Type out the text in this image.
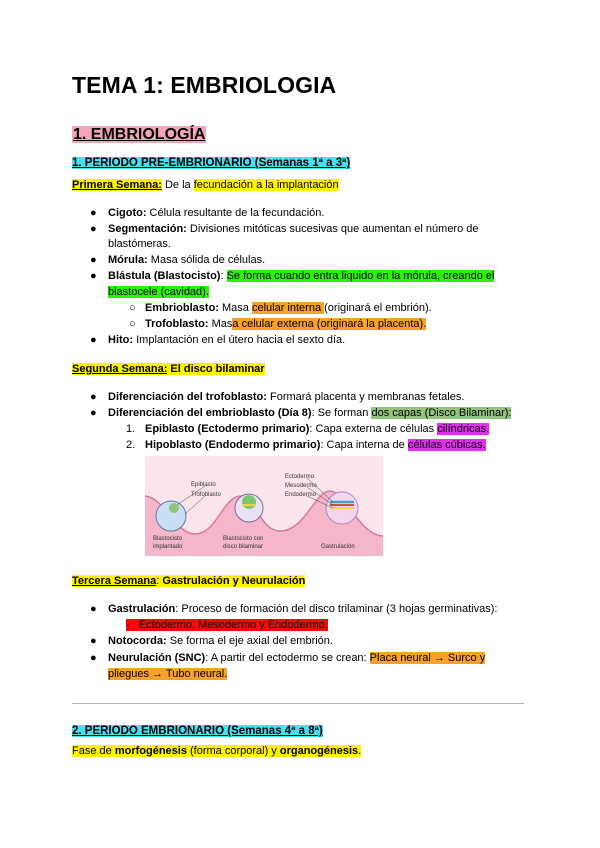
TEMA 1: EMBRIOLOGIA
1. EMBRIOLOGÍA
1. PERIODO PRE-EMBRIONARIO (Semanas 1ª a 3ª)
Primera Semana: De la fecundación a la implantación
● Cigoto: Célula resultante de la fecundación.
● Segmentación: Divisiones mitóticas sucesivas que aumentan el número de
blastómeras.
● Mórula: Masa sólida de células.
● Blástula (Blastocisto): Se forma cuando entra liquido en la mórula, creando el
blastocele (cavidad).
○ Embrioblasto: Masa celular interna (originará el embrión).
○ Trofoblasto: Masa celular externa (originará la placenta).
● Hito: Implantación en el útero hacia el sexto día.
Segunda Semana: El disco bilaminar
● Diferenciación del trofoblasto: Formará placenta y membranas fetales.
● Diferenciación del embrioblasto (Día 8): Se forman dos capas (Disco Bilaminar):
1. Epiblasto (Ectodermo primario): Capa externa de células cilíndricas.
2. Hipoblasto (Endodermo primario): Capa interna de células cúbicas.
Epiblasto
Trofoblasto
Ectodermo
Mesodermo
Endodermo
Blastocisto
implantado
Blastocisto con
disco bilaminar	Gastrulación
Tercera Semana: Gastrulación y Neurulación
● Gastrulación: Proceso de formación del disco trilaminar (3 hojas germinativas):
- Ectodermo, Mesodermo y Endodermo.
● Notocorda: Se forma el eje axial del embrión.
● Neurulación (SNC): A partir del ectodermo se crean: Placa neural → Surco y
pliegues → Tubo neural.
2. PERIODO EMBRIONARIO (Semanas 4ª a 8ª)
Fase de morfogénesis (forma corporal) y organogénesis.
